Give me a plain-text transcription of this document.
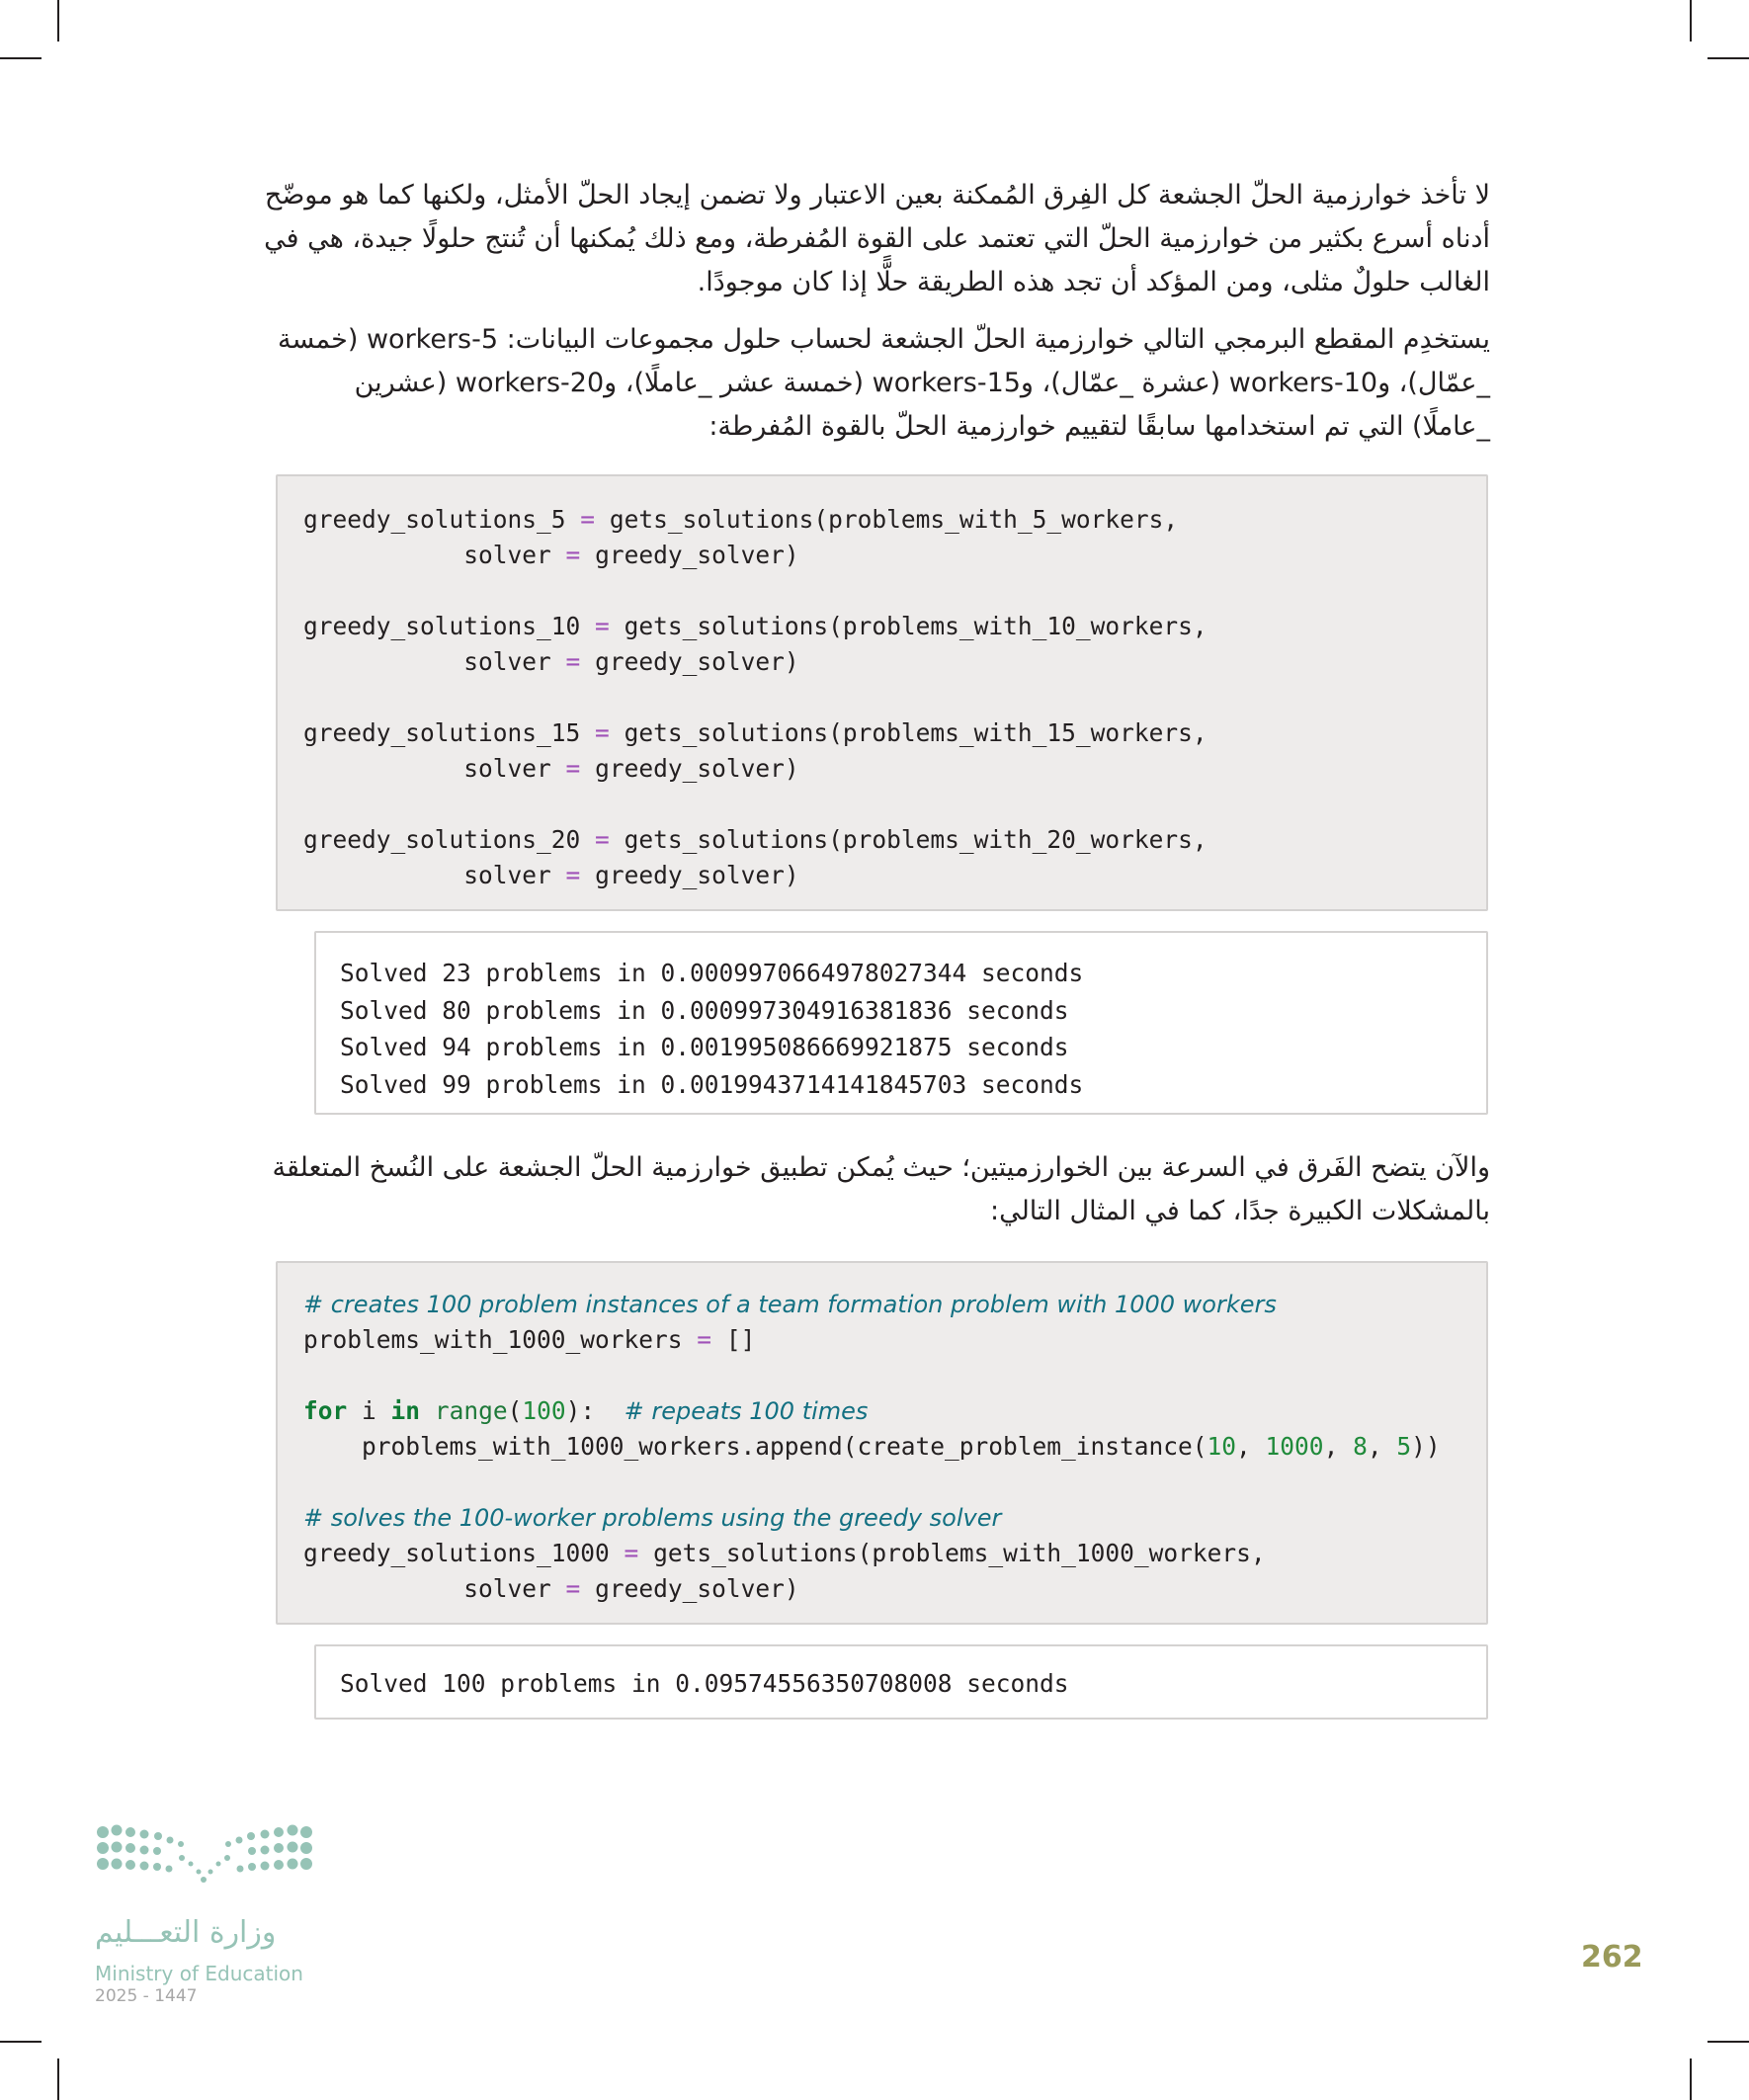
لا تأخذ خوارزمية الحلّ الجشعة كل الفِرق المُمكنة بعين الاعتبار ولا تضمن إيجاد الحلّ الأمثل، ولكنها كما هو موضّح
أدناه أسرع بكثير من خوارزمية الحلّ التي تعتمد على القوة المُفرطة، ومع ذلك يُمكنها أن تُنتج حلولًا جيدة، هي في
الغالب حلولٌ مثلى، ومن المؤكد أن تجد هذه الطريقة حلًّا إذا كان موجودًا.
يستخدِم المقطع البرمجي التالي خوارزمية الحلّ الجشعة لحساب حلول مجموعات البيانات: 5-workers (خمسة
_عمّال)، و10-workers (عشرة _عمّال)، و15-workers (خمسة عشر _عاملًا)، و20-workers (عشرين
_عاملًا) التي تم استخدامها سابقًا لتقييم خوارزمية الحلّ بالقوة المُفرطة:
greedy_solutions_5 = gets_solutions(problems_with_5_workers,
solver = greedy_solver)

greedy_solutions_10 = gets_solutions(problems_with_10_workers,
solver = greedy_solver)

greedy_solutions_15 = gets_solutions(problems_with_15_workers,
solver = greedy_solver)

greedy_solutions_20 = gets_solutions(problems_with_20_workers,
solver = greedy_solver)
Solved 23 problems in 0.0009970664978027344 seconds
Solved 80 problems in 0.000997304916381836 seconds
Solved 94 problems in 0.001995086669921875 seconds
Solved 99 problems in 0.0019943714141845703 seconds
والآن يتضح الفَرق في السرعة بين الخوارزميتين؛ حيث يُمكن تطبيق خوارزمية الحلّ الجشعة على النُسخ المتعلقة
بالمشكلات الكبيرة جدًا، كما في المثال التالي:
# creates 100 problem instances of a team formation problem with 1000 workers
problems_with_1000_workers = []

for i in range(100): # repeats 100 times
problems_with_1000_workers.append(create_problem_instance(10, 1000, 8, 5))

# solves the 100-worker problems using the greedy solver
greedy_solutions_1000 = gets_solutions(problems_with_1000_workers,
solver = greedy_solver)
Solved 100 problems in 0.09574556350708008 seconds
وزارة التعـــليم
Ministry of Education
2025 - 1447
262
